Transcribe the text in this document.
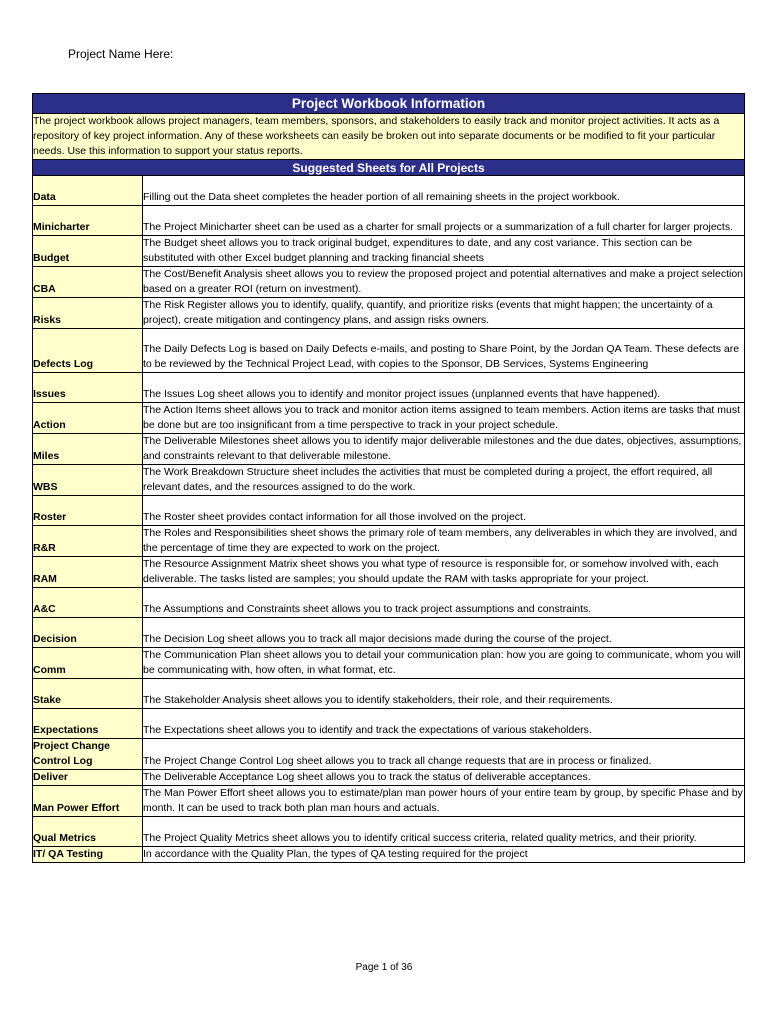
Project Name Here:
Project Workbook Information	
The project workbook allows project managers, team members, sponsors, and stakeholders to easily track and monitor project activities. It acts as a repository of key project information. Any of these worksheets can easily be broken out into separate documents or be modified to fit your particular needs. Use this information to support your status reports.	
Suggested Sheets for All Projects	
Data	Filling out the Data sheet completes the header portion of all remaining sheets in the project workbook.
Minicharter	The Project Minicharter sheet can be used as a charter for small projects or a summarization of a full charter for larger projects.
Budget	The Budget sheet allows you to track original budget, expenditures to date, and any cost variance. This section can be substituted with other Excel budget planning and tracking financial sheets
CBA	The Cost/Benefit Analysis sheet allows you to review the proposed project and potential alternatives and make a project selection based on a greater ROI (return on investment).
Risks	The Risk Register allows you to identify, qualify, quantify, and prioritize risks (events that might happen; the uncertainty of a project), create mitigation and contingency plans, and assign risks owners.
Defects Log	The Daily Defects Log is based on Daily Defects e-mails, and posting to Share Point, by the Jordan QA Team. These defects are to be reviewed by the Technical Project Lead, with copies to the Sponsor, DB Services, Systems Engineering
Issues	The Issues Log sheet allows you to identify and monitor project issues (unplanned events that have happened).
Action	The Action Items sheet allows you to track and monitor action items assigned to team members. Action items are tasks that must be done but are too insignificant from a time perspective to track in your project schedule.
Miles	The Deliverable Milestones sheet allows you to identify major deliverable milestones and the due dates, objectives, assumptions, and constraints relevant to that deliverable milestone.
WBS	The Work Breakdown Structure sheet includes the activities that must be completed during a project, the effort required, all relevant dates, and the resources assigned to do the work.
Roster	The Roster sheet provides contact information for all those involved on the project.
R&R	The Roles and Responsibilities sheet shows the primary role of team members, any deliverables in which they are involved, and the percentage of time they are expected to work on the project.
RAM	The Resource Assignment Matrix sheet shows you what type of resource is responsible for, or somehow involved with, each deliverable. The tasks listed are samples; you should update the RAM with tasks appropriate for your project.
A&C	The Assumptions and Constraints sheet allows you to track project assumptions and constraints.
Decision	The Decision Log sheet allows you to track all major decisions made during the course of the project.
Comm	The Communication Plan sheet allows you to detail your communication plan: how you are going to communicate, whom you will be communicating with, how often, in what format, etc.
Stake	The Stakeholder Analysis sheet allows you to identify stakeholders, their role, and their requirements.
Expectations	The Expectations sheet allows you to identify and track the expectations of various stakeholders.
Project Change Control Log	The Project Change Control Log sheet allows you to track all change requests that are in process or finalized.
Deliver	The Deliverable Acceptance Log sheet allows you to track the status of deliverable acceptances.
Man Power Effort	The Man Power Effort sheet allows you to estimate/plan man power hours of your entire team by group, by specific Phase and by month. It can be used to track both plan man hours and actuals.
Qual Metrics	The Project Quality Metrics sheet allows you to identify critical success criteria, related quality metrics, and their priority.
IT/ QA Testing	In accordance with the Quality Plan, the types of QA testing required for the project
Page 1 of 36
